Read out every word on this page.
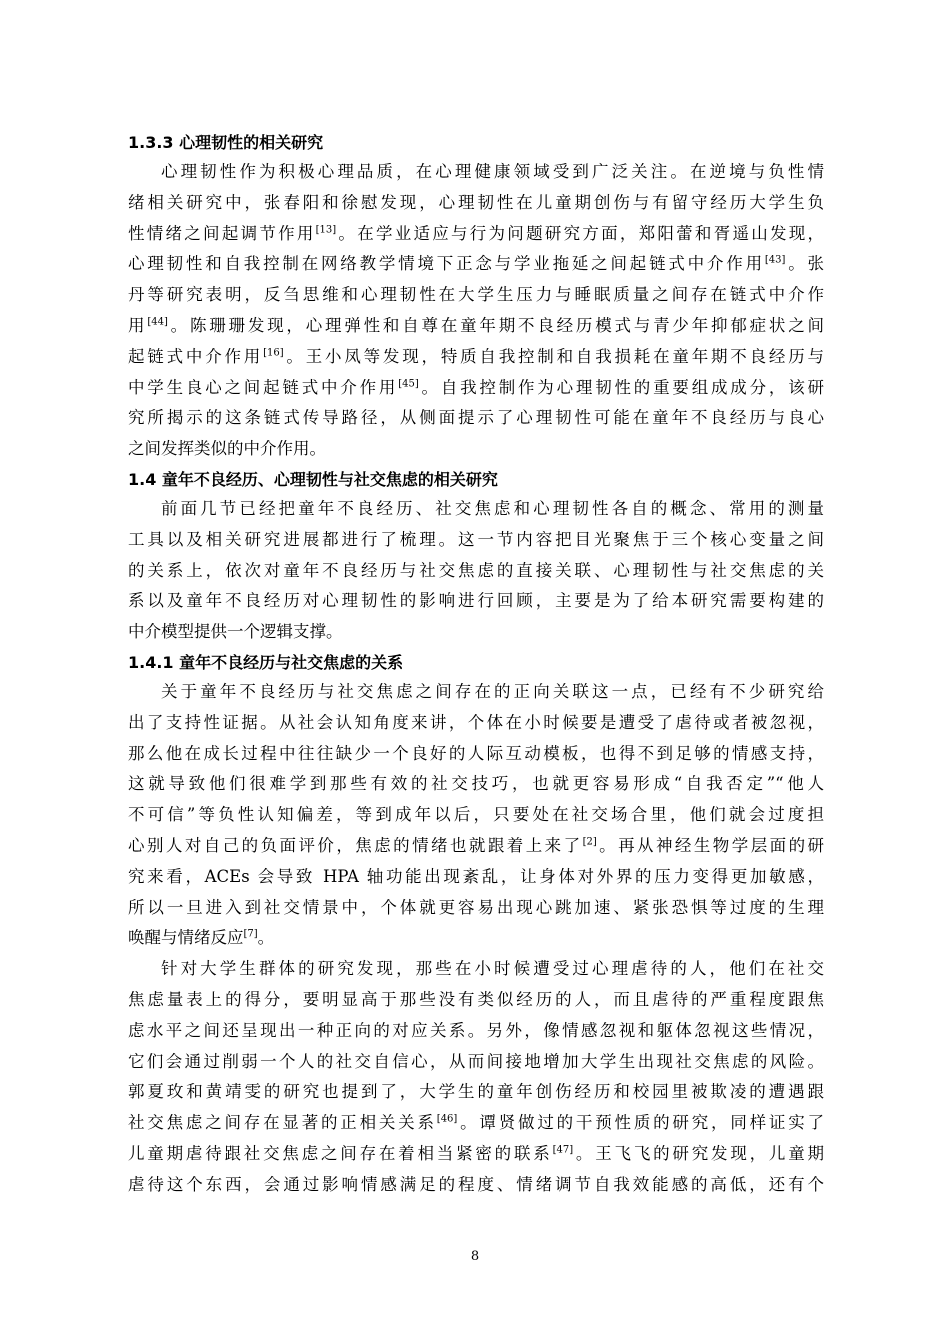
1.3.3 心理韧性的相关研究
心理韧性作为积极心理品质，在心理健康领域受到广泛关注。在逆境与负性情
绪相关研究中，张春阳和徐慰发现，心理韧性在儿童期创伤与有留守经历大学生负
性情绪之间起调节作用[13]。在学业适应与行为问题研究方面，郑阳蕾和胥遥山发现，
心理韧性和自我控制在网络教学情境下正念与学业拖延之间起链式中介作用[43]。张
丹等研究表明，反刍思维和心理韧性在大学生压力与睡眠质量之间存在链式中介作
用[44]。陈珊珊发现，心理弹性和自尊在童年期不良经历模式与青少年抑郁症状之间
起链式中介作用[16]。王小凤等发现，特质自我控制和自我损耗在童年期不良经历与
中学生良心之间起链式中介作用[45]。自我控制作为心理韧性的重要组成成分，该研
究所揭示的这条链式传导路径，从侧面提示了心理韧性可能在童年不良经历与良心
之间发挥类似的中介作用。
1.4 童年不良经历、心理韧性与社交焦虑的相关研究
前面几节已经把童年不良经历、社交焦虑和心理韧性各自的概念、常用的测量
工具以及相关研究进展都进行了梳理。这一节内容把目光聚焦于三个核心变量之间
的关系上，依次对童年不良经历与社交焦虑的直接关联、心理韧性与社交焦虑的关
系以及童年不良经历对心理韧性的影响进行回顾，主要是为了给本研究需要构建的
中介模型提供一个逻辑支撑。
1.4.1 童年不良经历与社交焦虑的关系
关于童年不良经历与社交焦虑之间存在的正向关联这一点，已经有不少研究给
出了支持性证据。从社会认知角度来讲，个体在小时候要是遭受了虐待或者被忽视，
那么他在成长过程中往往缺少一个良好的人际互动模板，也得不到足够的情感支持，
这就导致他们很难学到那些有效的社交技巧，也就更容易形成“自我否定”“他人
不可信”等负性认知偏差，等到成年以后，只要处在社交场合里，他们就会过度担
心别人对自己的负面评价，焦虑的情绪也就跟着上来了[2]。再从神经生物学层面的研
究来看，ACEs 会导致 HPA 轴功能出现紊乱，让身体对外界的压力变得更加敏感，
所以一旦进入到社交情景中，个体就更容易出现心跳加速、紧张恐惧等过度的生理
唤醒与情绪反应[7]。
针对大学生群体的研究发现，那些在小时候遭受过心理虐待的人，他们在社交
焦虑量表上的得分，要明显高于那些没有类似经历的人，而且虐待的严重程度跟焦
虑水平之间还呈现出一种正向的对应关系。另外，像情感忽视和躯体忽视这些情况，
它们会通过削弱一个人的社交自信心，从而间接地增加大学生出现社交焦虑的风险。
郭夏玫和黄靖雯的研究也提到了，大学生的童年创伤经历和校园里被欺凌的遭遇跟
社交焦虑之间存在显著的正相关关系[46]。谭贤做过的干预性质的研究，同样证实了
儿童期虐待跟社交焦虑之间存在着相当紧密的联系[47]。王飞飞的研究发现，儿童期
虐待这个东西，会通过影响情感满足的程度、情绪调节自我效能感的高低，还有个
8
